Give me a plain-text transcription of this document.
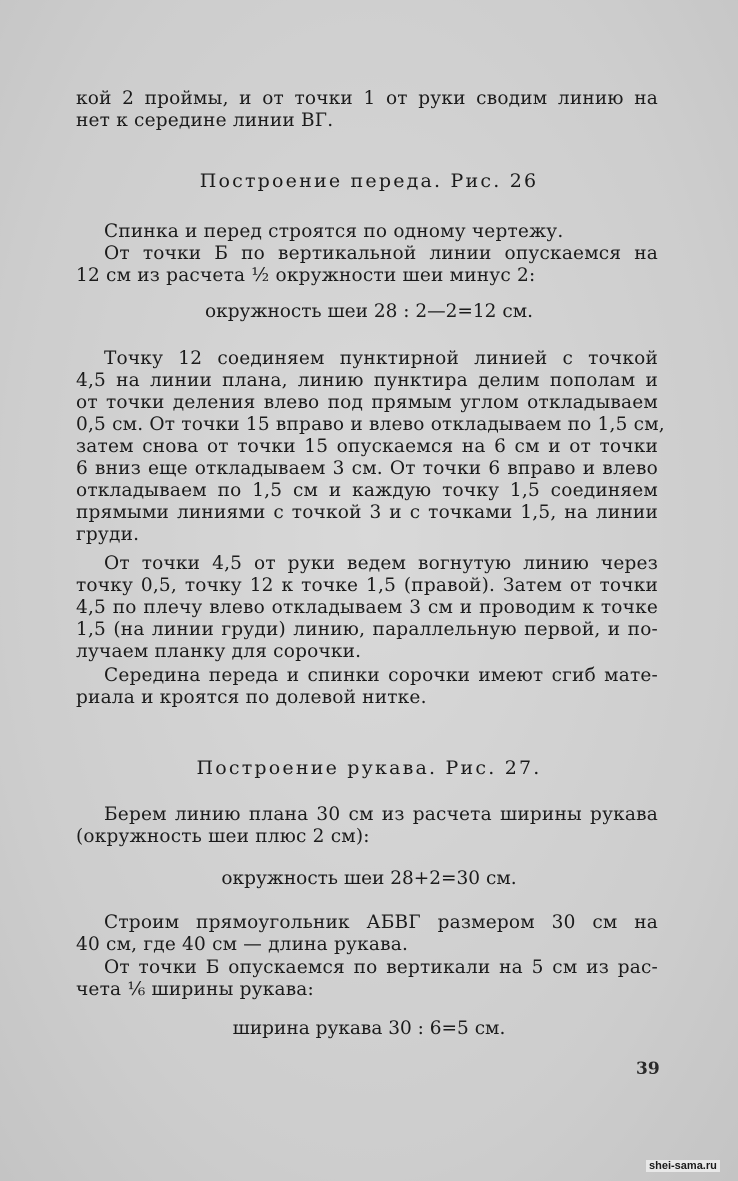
кой 2 проймы, и от точки 1 от руки сводим линию на
нет к середине линии ВГ.
Построение переда. Рис. 26
Спинка и перед строятся по одному чертежу.
От точки Б по вертикальной линии опускаемся на
12 см из расчета ½ окружности шеи минус 2:
окружность шеи 28 : 2—2=12 см.
Точку 12 соединяем пунктирной линией с точкой
4,5 на линии плана, линию пунктира делим пополам и
от точки деления влево под прямым углом откладываем
0,5 см. От точки 15 вправо и влево откладываем по 1,5 см,
затем снова от точки 15 опускаемся на 6 см и от точки
6 вниз еще откладываем 3 см. От точки 6 вправо и влево
откладываем по 1,5 см и каждую точку 1,5 соединяем
прямыми линиями с точкой 3 и с точками 1,5, на линии
груди.
От точки 4,5 от руки ведем вогнутую линию через
точку 0,5, точку 12 к точке 1,5 (правой). Затем от точки
4,5 по плечу влево откладываем 3 см и проводим к точке
1,5 (на линии груди) линию, параллельную первой, и по-
лучаем планку для сорочки.
Середина переда и спинки сорочки имеют сгиб мате-
риала и кроятся по долевой нитке.
Построение рукава. Рис. 27.
Берем линию плана 30 см из расчета ширины рукава
(окружность шеи плюс 2 см):
окружность шеи 28+2=30 см.
Строим прямоугольник АБВГ размером 30 см на
40 см, где 40 см — длина рукава.
От точки Б опускаемся по вертикали на 5 см из рас-
чета ⅙ ширины рукава:
ширина рукава 30 : 6=5 см.
39
shei-sama.ru
